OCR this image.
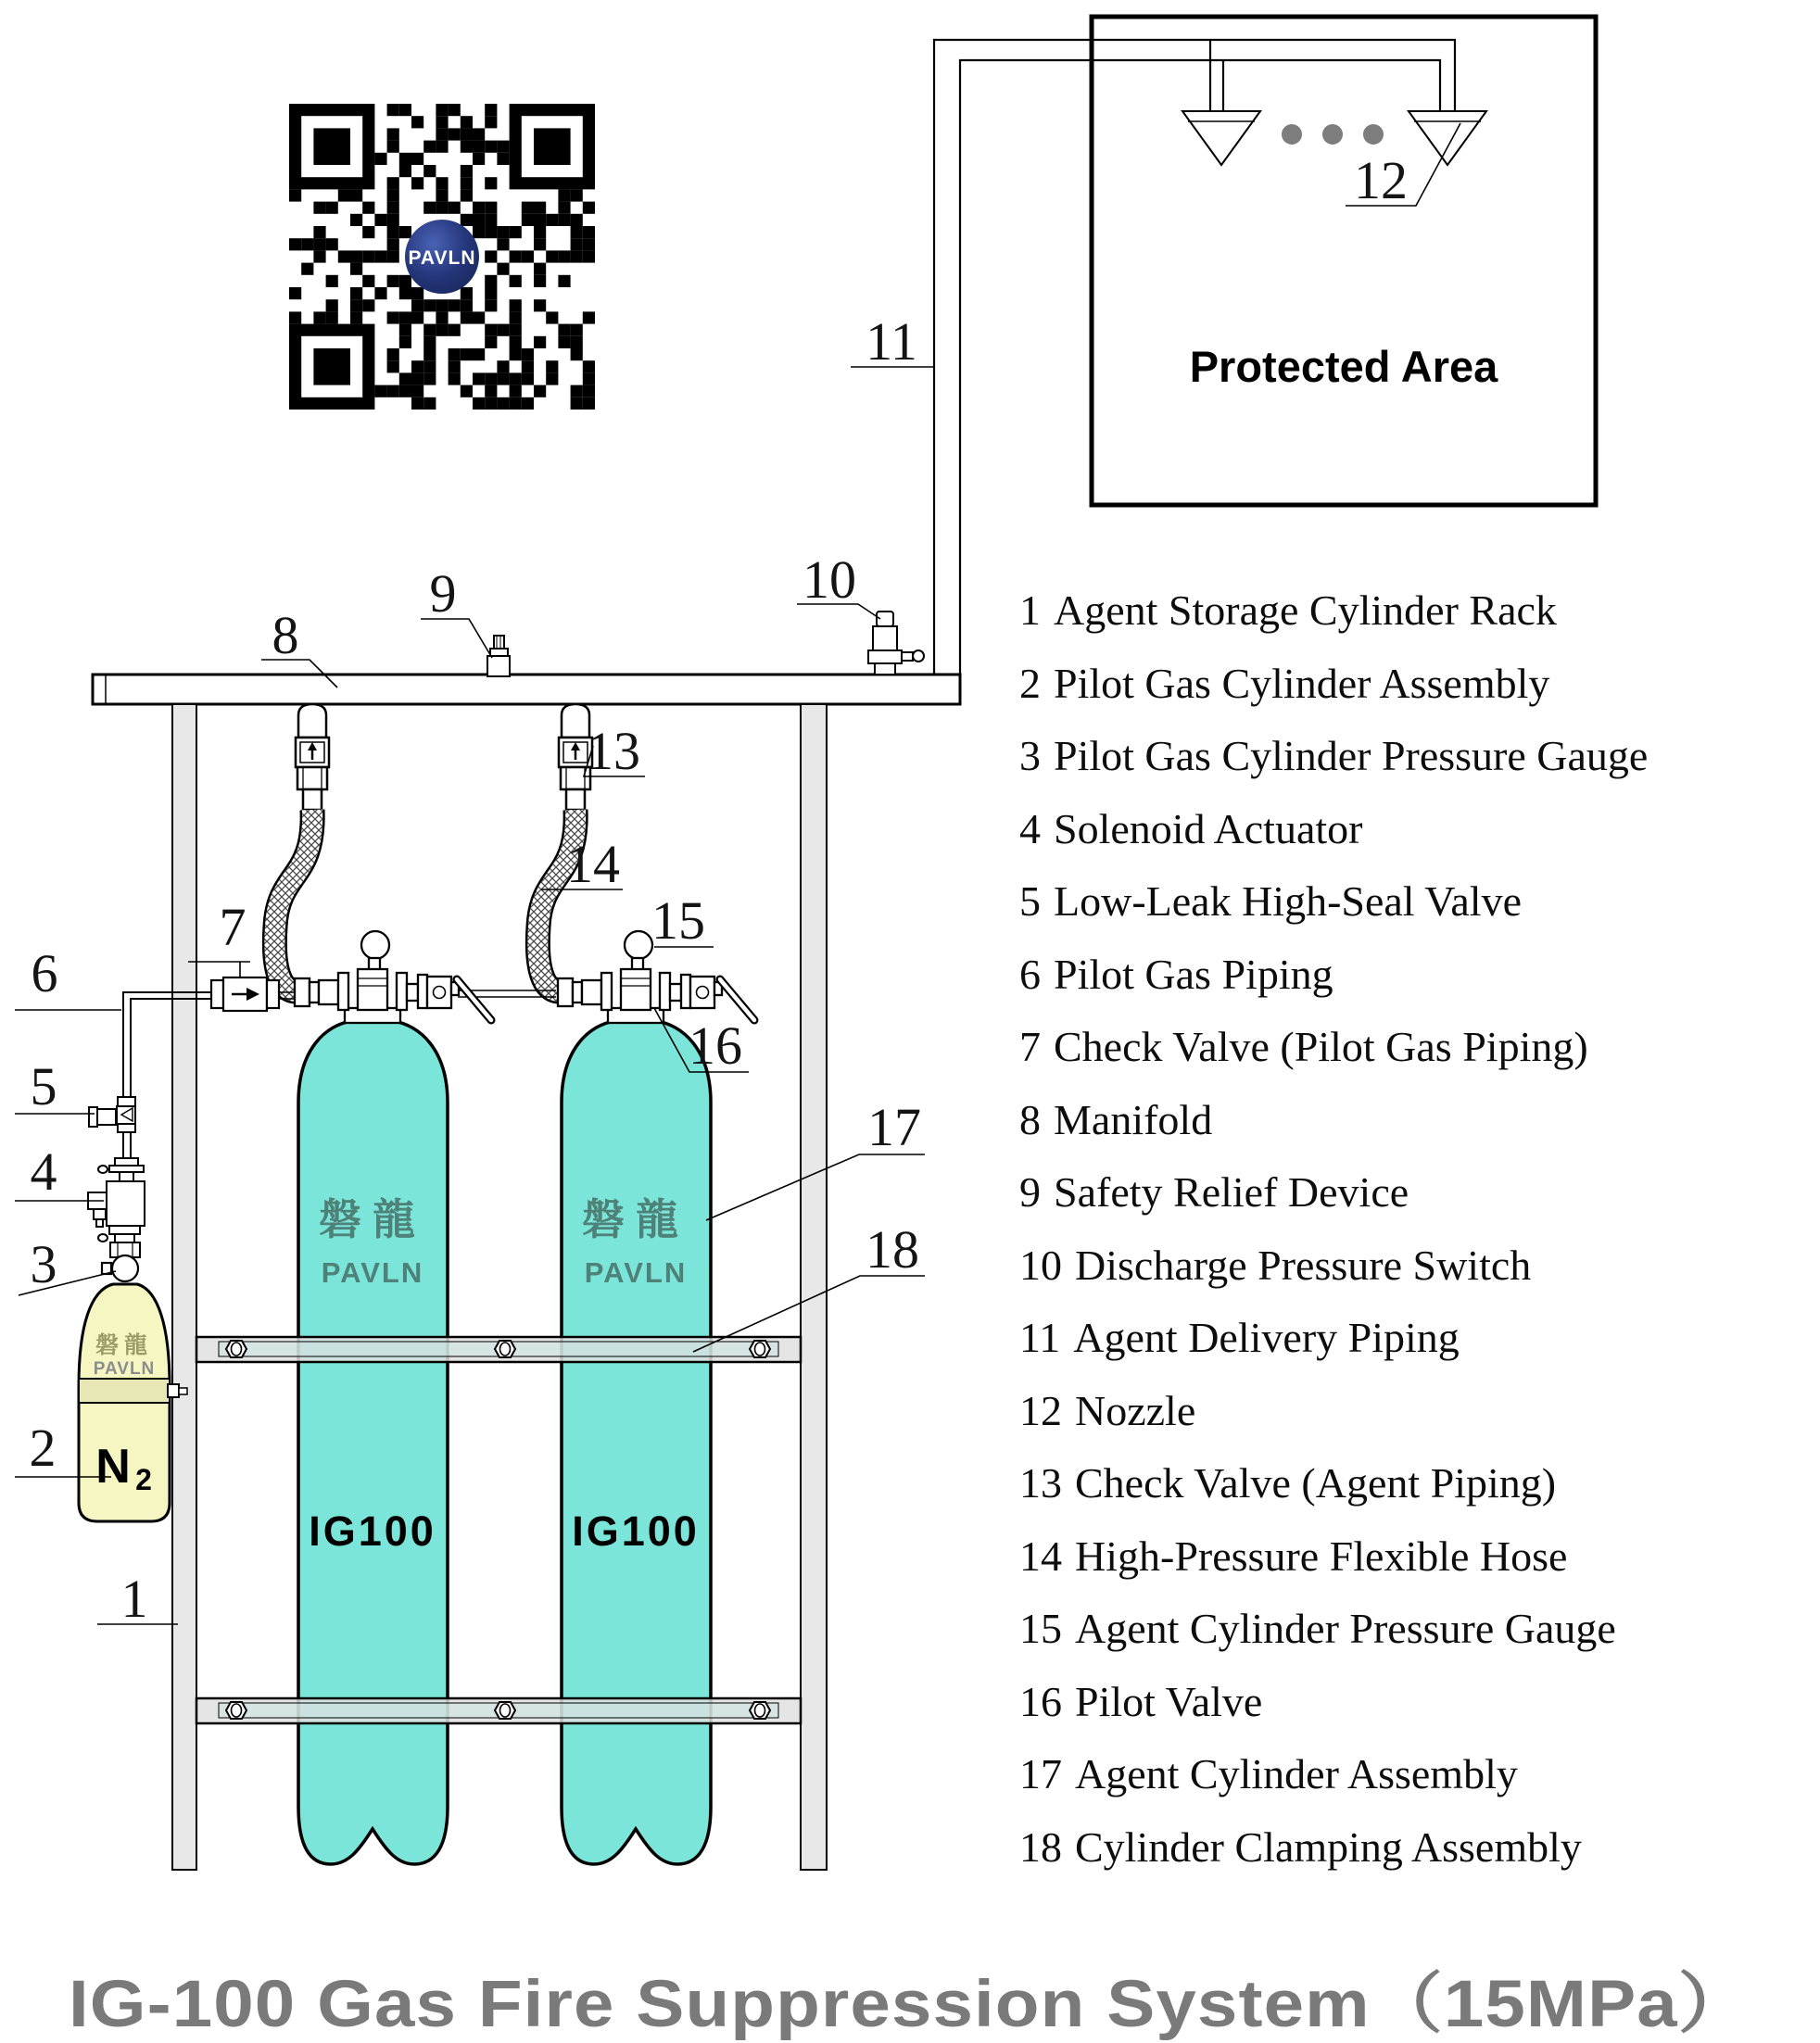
PAVLN
Protected Area
磐龍
PAVLN
IG100
磐龍
PAVLN
IG100
磐龍
PAVLN
N 2
1
2
3
4
5
6
7
8
9	10
11
12
13
14
15
16
17
18
1 Agent Storage Cylinder Rack
2 Pilot Gas Cylinder Assembly
3 Pilot Gas Cylinder Pressure Gauge
4 Solenoid Actuator
5 Low-Leak High-Seal Valve
6 Pilot Gas Piping
7 Check Valve (Pilot Gas Piping)
8 Manifold
9 Safety Relief Device
10 Discharge Pressure Switch
11 Agent Delivery Piping
12 Nozzle
13 Check Valve (Agent Piping)
14 High-Pressure Flexible Hose
15 Agent Cylinder Pressure Gauge
16 Pilot Valve
17 Agent Cylinder Assembly
18 Cylinder Clamping Assembly
IG-100 Gas Fire Suppression System（15MPa）
